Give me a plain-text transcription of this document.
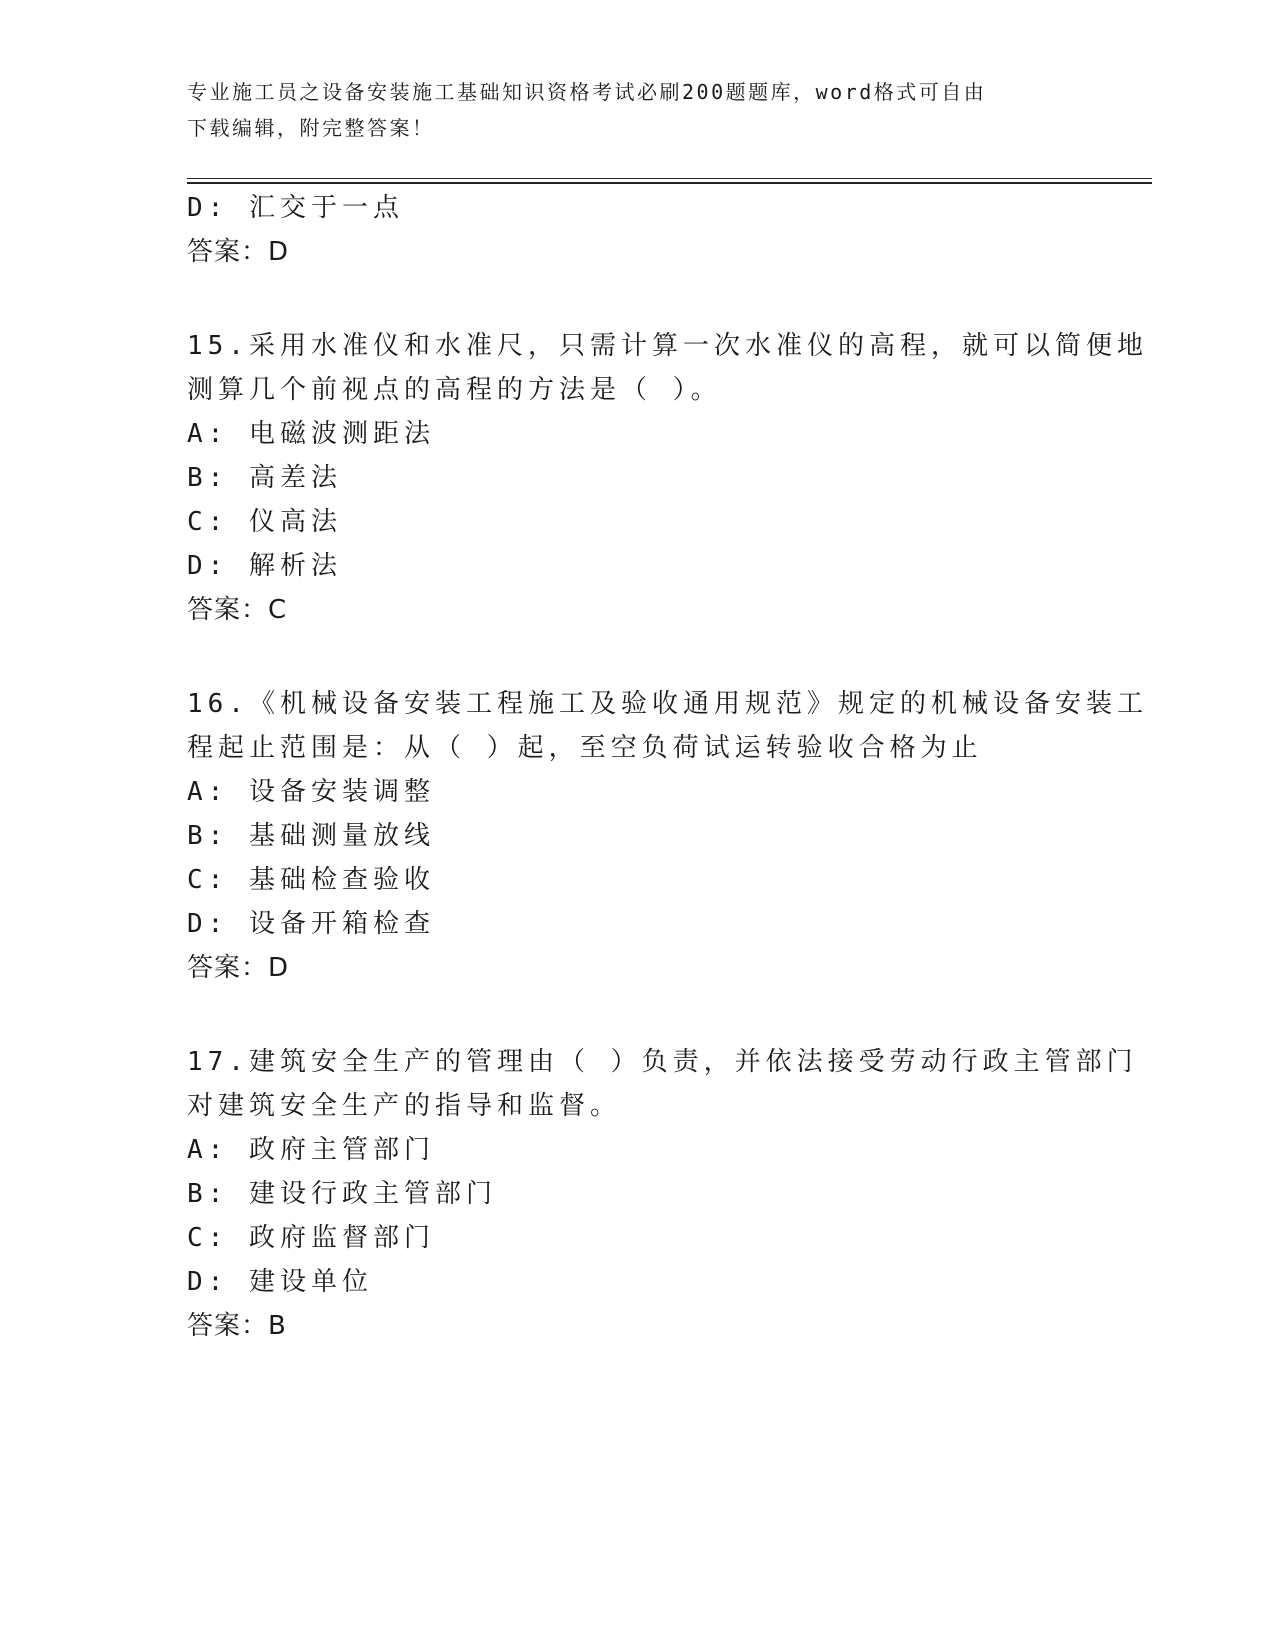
专业施工员之设备安装施工基础知识资格考试必刷200题题库，word格式可自由
下载编辑，附完整答案！
D: 汇交于一点
答案：D
15.采用水准仪和水准尺，只需计算一次水准仪的高程，就可以简便地
测算几个前视点的高程的方法是（ ）。
A: 电磁波测距法
B: 高差法
C: 仪高法
D: 解析法
答案：C
16.《机械设备安装工程施工及验收通用规范》规定的机械设备安装工
程起止范围是：从（ ）起，至空负荷试运转验收合格为止
A: 设备安装调整
B: 基础测量放线
C: 基础检查验收
D: 设备开箱检查
答案：D
17.建筑安全生产的管理由（ ）负责，并依法接受劳动行政主管部门
对建筑安全生产的指导和监督。
A: 政府主管部门
B: 建设行政主管部门
C: 政府监督部门
D: 建设单位
答案：B
